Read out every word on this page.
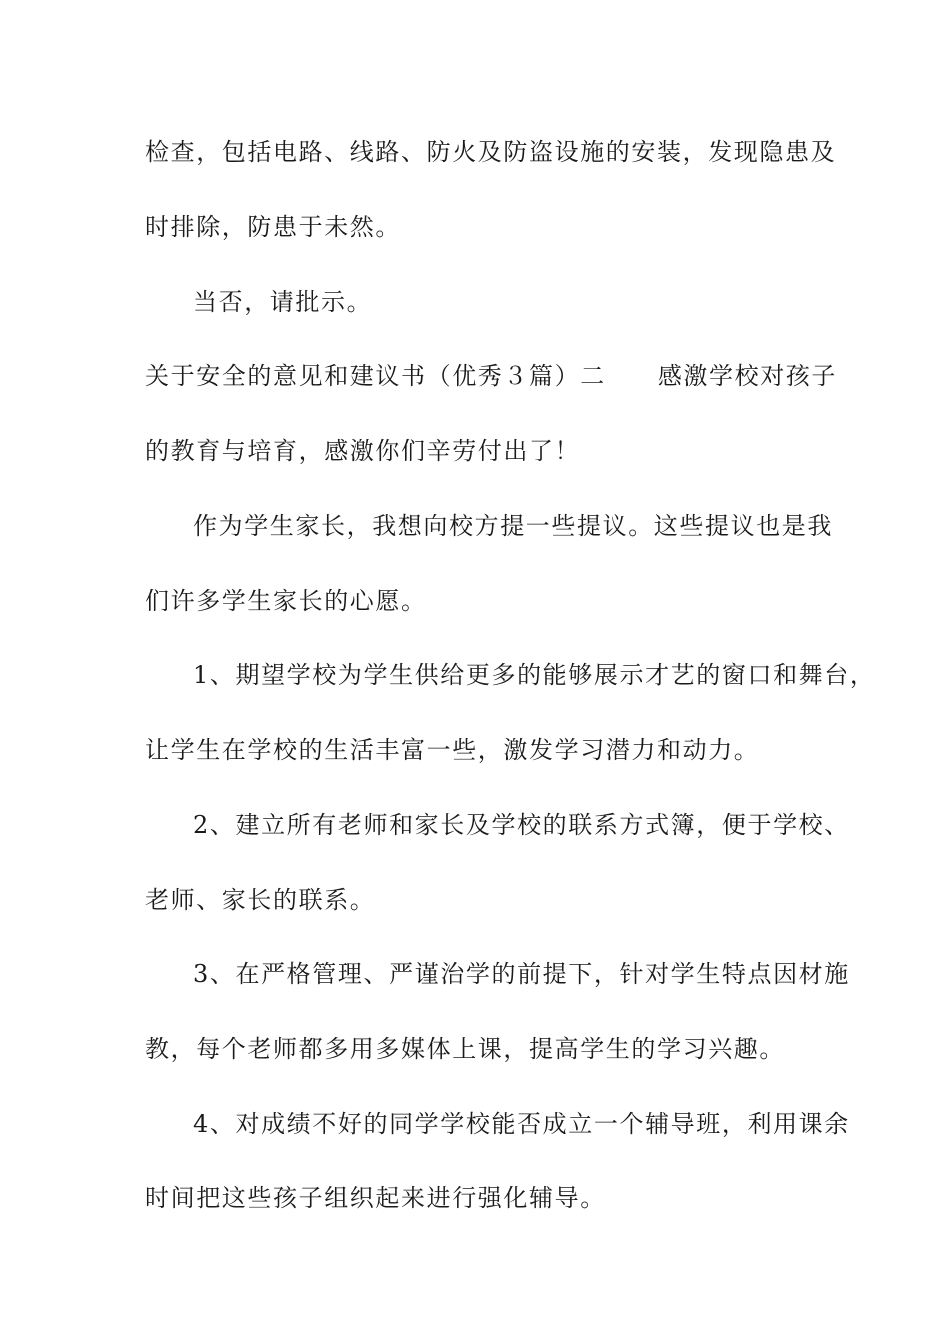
检查，包括电路、线路、防火及防盗设施的安装，发现隐患及
时排除，防患于未然。
当否，请批示。
关于安全的意见和建议书（优秀３篇）二 感激学校对孩子
的教育与培育，感激你们辛劳付出了！
作为学生家长，我想向校方提一些提议。这些提议也是我
们许多学生家长的心愿。
1、期望学校为学生供给更多的能够展示才艺的窗口和舞台，
让学生在学校的生活丰富一些，激发学习潜力和动力。
2、建立所有老师和家长及学校的联系方式簿，便于学校、
老师、家长的联系。
3、在严格管理、严谨治学的前提下，针对学生特点因材施
教，每个老师都多用多媒体上课，提高学生的学习兴趣。
4、对成绩不好的同学学校能否成立一个辅导班，利用课余
时间把这些孩子组织起来进行强化辅导。
